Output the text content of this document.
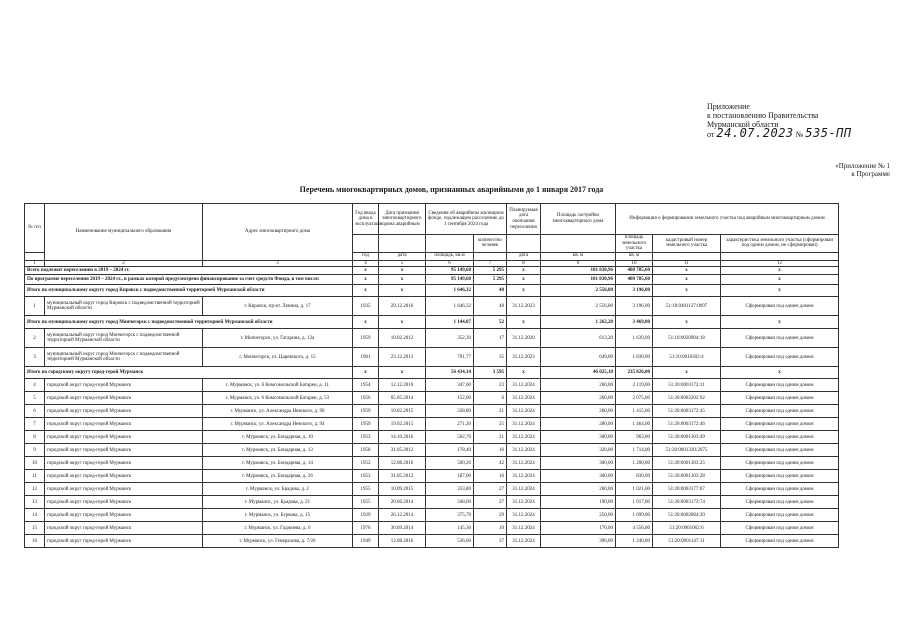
Приложение
к постановлению Правительства
Мурманской области
от 24.07.2023 № 535-ПП
«Приложение № 1
к Программе
Перечень многоквартирных домов, признанных аварийными до 1 января 2017 года
№ п/п	Наименование муниципального образования	Адрес многоквартирного дома	Год ввода дома в эксплуатацию	Дата признания многоквартирного дома аварийным	Сведения об аварийном жилищном фонде, подлежащем расселению до 1 сентября 2024 года		Планируемая дата окончания переселения	Площадь застройки многоквартирного дома	Информация о формировании земельного участка под аварийным многоквартирным домом		
						количество человек			площадь земельного участка	кадастровый номер земельного участка	характеристика земельного участка (сформирован под одним домом, не сформирован)
			год	дата	площадь, кв.м		дата	кв. м	кв. м		
1	2	3	4	5	6	7	8	9	10	11	12
Всего подлежит переселению в 2019 – 2024 гг.			x	x	95 149,68	5 295	x	101 830,96	400 785,60	x	x
По программе переселения 2019 – 2024 гг., в рамках которой предусмотрено финансирование за счет средств Фонда, в том числе:			x	x	95 149,68	5 295	x	101 830,96	400 785,60	x	x
Итого по муниципальному округу город Кировск с подведомственной территорией Мурманской области			x	x	1 646,32	48	x	2 556,80	3 196,00	x	x
1	муниципальный округ город Кировск с подведомственной территорией Мурманской области	г. Кировск, пр-кт. Ленина, д. 17	1935	29.12.2016	1 646,32	48	31.12.2023	2 556,80	3 196,00	51:18:0401127:0097	Сформирован под одним домом
Итого по муниципальному округу город Мончегорск с подведомственной территорией Мурманской области			x	x	1 144,07	52	x	1 262,20	3 469,00	x	x
2	муниципальный округ город Мончегорск с подведомственной территорией Мурманской области	г. Мончегорск, ул. Гагарина, д. 12а	1959	10.02.2012	352,30	17	31.12.2020	613,20	1 639,00	51:10:0020904:18	Сформирован под одним домом
3	муниципальный округ город Мончегорск с подведомственной территорией Мурманской области	г. Мончегорск, ул. Царевского, д. 15	1961	23.12.2013	791,77	35	31.12.2023	649,00	1 830,00	51:10:0010302:4	Сформирован под одним домом
Итого по городскому округу город-герой Мурманск			x	x	56 434,14	3 595	x	46 025,10	235 826,00	x	x
4	городской округ город-герой Мурманск	г. Мурманск, ул. 6 Комсомольской Батареи, д. 11	1954	12.12.2016	347,60	23	31.12.2024	260,00	2 119,00	51:20:0003172:11	Сформирован под одним домом
5	городской округ город-герой Мурманск	г. Мурманск, ул. 6 Комсомольской Батареи, д. 53	1956	05.05.2014	152,00	6	31.12.2024	260,00	2 075,00	51:20:0003202:92	Сформирован под одним домом
6	городской округ город-герой Мурманск	г. Мурманск, ул. Александра Невского, д. 90	1959	10.02.2015	328,80	21	31.12.2024	260,00	1 415,00	51:20:0003172:45	Сформирован под одним домом
7	городской округ город-герой Мурманск	г. Мурманск, ул. Александра Невского, д. 94	1959	19.02.2015	271,20	25	31.12.2024	280,00	1 464,00	51:20:0003172:46	Сформирован под одним домом
8	городской округ город-герой Мурманск	г. Мурманск, ул. Бондарная, д. 10	1953	14.10.2016	502,70	21	31.12.2024	300,00	963,00	51:20:0001303:49	Сформирован под одним домом
9	городской округ город-герой Мурманск	г. Мурманск, ул. Бондарная, д. 13	1958	31.05.2012	178,40	16	31.12.2024	320,00	1 714,00	51:20:0001320:2075	Сформирован под одним домом
10	городской округ город-герой Мурманск	г. Мурманск, ул. Бондарная, д. 14	1952	12.08.2016	500,20	42	31.12.2024	300,00	1 200,00	51:20:0001303:25	Сформирован под одним домом
11	городской округ город-герой Мурманск	г. Мурманск, ул. Бондарная, д. 26	1953	31.05.2012	187,00	16	31.12.2024	300,00	830,00	51:20:0001303:28	Сформирован под одним домом
12	городской округ город-герой Мурманск	г. Мурманск, ул. Брадова, д. 2	1955	10.09.2015	333,80	27	31.12.2024	260,00	1 021,00	51:20:0003177:07	Сформирован под одним домом
13	городской округ город-герой Мурманск	г. Мурманск, ул. Брадова, д. 21	1955	20.06.2014	348,60	27	31.12.2024	190,00	1 017,00	51:20:0003173:74	Сформирован под одним домом
14	городской округ город-герой Мурманск	г. Мурманск, ул. Буркова, д. 15	1929	26.12.2014	375,70	29	31.12.2024	250,00	1 699,00	51:20:0002084:20	Сформирован под одним домом
15	городской округ город-герой Мурманск	г. Мурманск, ул. Гаджиева, д. 6	1976	30.09.2014	145,30	10	31.12.2024	170,00	4 556,00	51:20:0001062:6	Сформирован под одним домом
16	городской округ город-герой Мурманск	г. Мурманск, ул. Генералова, д. 7/26	1949	12.08.2016	536,60	37	31.12.2024	396,00	1 240,00	51:20:0001147:11	Сформирован под одним домом
